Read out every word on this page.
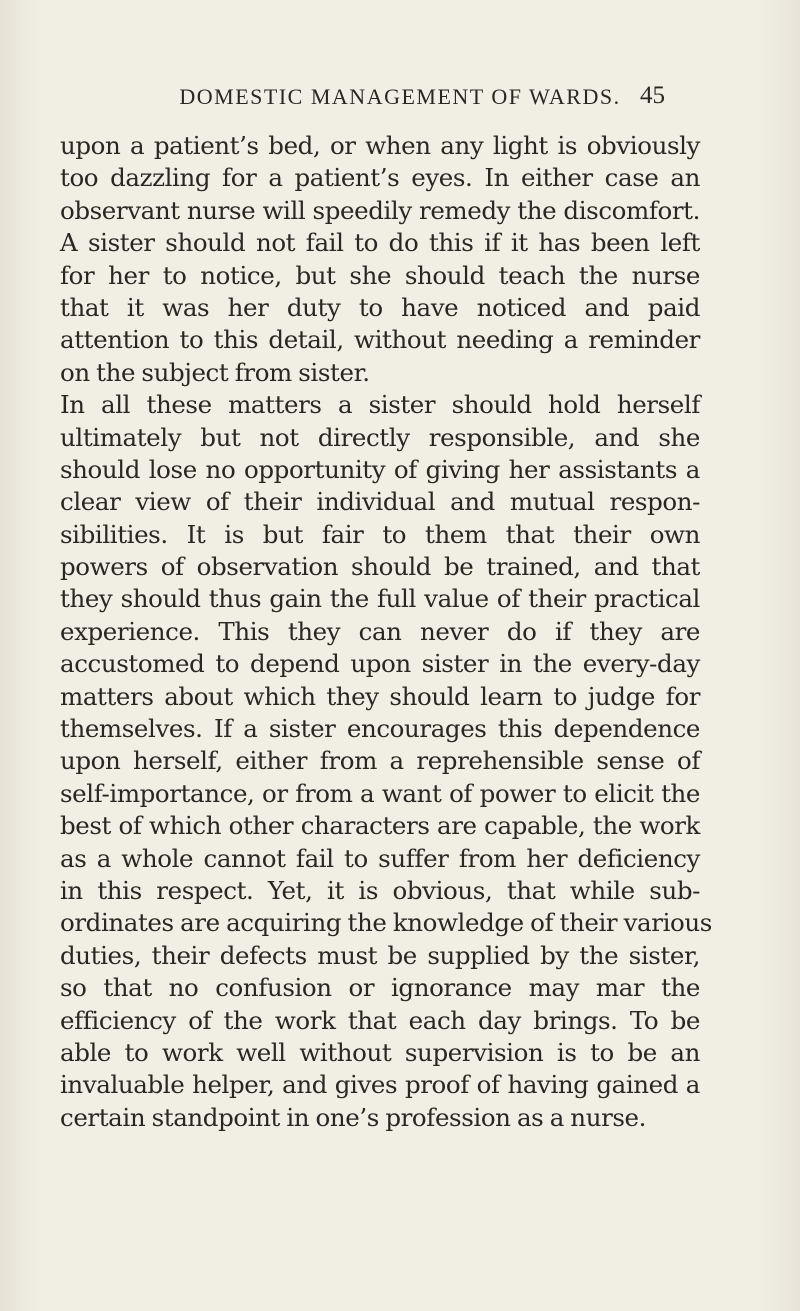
DOMESTIC MANAGEMENT OF WARDS. 45
upon a patient’s bed, or when any light is obviously
too dazzling for a patient’s eyes. In either case an
observant nurse will speedily remedy the discomfort.
A sister should not fail to do this if it has been left
for her to notice, but she should teach the nurse
that it was her duty to have noticed and paid
attention to this detail, without needing a reminder
on the subject from sister.
In all these matters a sister should hold herself
ultimately but not directly responsible, and she
should lose no opportunity of giving her assistants a
clear view of their individual and mutual respon-
sibilities. It is but fair to them that their own
powers of observation should be trained, and that
they should thus gain the full value of their practical
experience. This they can never do if they are
accustomed to depend upon sister in the every-day
matters about which they should learn to judge for
themselves. If a sister encourages this dependence
upon herself, either from a reprehensible sense of
self-importance, or from a want of power to elicit the
best of which other characters are capable, the work
as a whole cannot fail to suffer from her deficiency
in this respect. Yet, it is obvious, that while sub-
ordinates are acquiring the knowledge of their various
duties, their defects must be supplied by the sister,
so that no confusion or ignorance may mar the
efficiency of the work that each day brings. To be
able to work well without supervision is to be an
invaluable helper, and gives proof of having gained a
certain standpoint in one’s profession as a nurse.
